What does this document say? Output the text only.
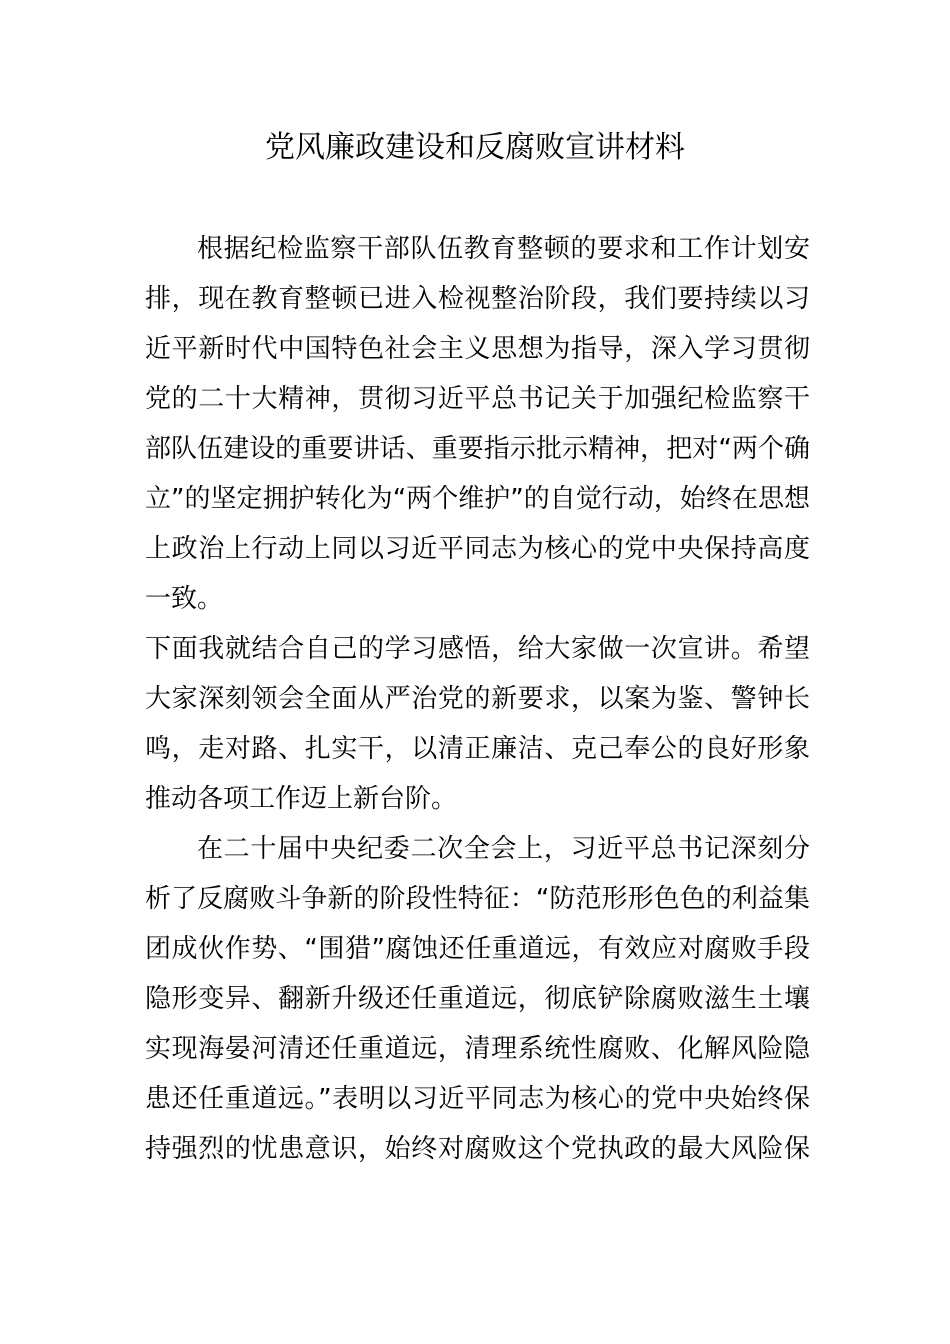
党风廉政建设和反腐败宣讲材料
根据纪检监察干部队伍教育整顿的要求和工作计划安
排，现在教育整顿已进入检视整治阶段，我们要持续以习
近平新时代中国特色社会主义思想为指导，深入学习贯彻
党的二十大精神，贯彻习近平总书记关于加强纪检监察干
部队伍建设的重要讲话、重要指示批示精神，把对“两个确
立”的坚定拥护转化为“两个维护”的自觉行动，始终在思想
上政治上行动上同以习近平同志为核心的党中央保持高度
一致。
下面我就结合自己的学习感悟，给大家做一次宣讲。希望
大家深刻领会全面从严治党的新要求，以案为鉴、警钟长
鸣，走对路、扎实干，以清正廉洁、克己奉公的良好形象
推动各项工作迈上新台阶。
在二十届中央纪委二次全会上，习近平总书记深刻分
析了反腐败斗争新的阶段性特征：“防范形形色色的利益集
团成伙作势、“围猎”腐蚀还任重道远，有效应对腐败手段
隐形变异、翻新升级还任重道远，彻底铲除腐败滋生土壤
实现海晏河清还任重道远，清理系统性腐败、化解风险隐
患还任重道远。”表明以习近平同志为核心的党中央始终保
持强烈的忧患意识，始终对腐败这个党执政的最大风险保
